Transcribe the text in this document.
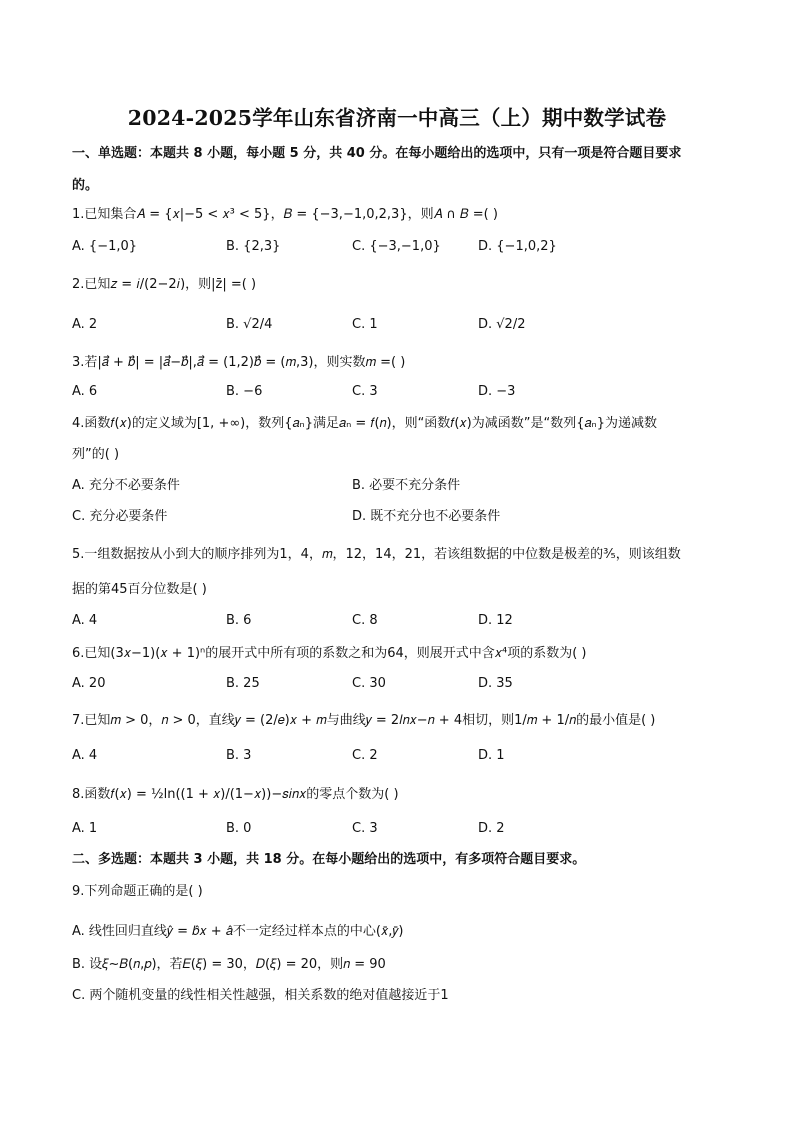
2024-2025学年山东省济南一中高三（上）期中数学试卷
一、单选题：本题共 8 小题，每小题 5 分，共 40 分。在每小题给出的选项中，只有一项是符合题目要求
的。
1.已知集合𝐴 = {𝑥|−5 < 𝑥³ < 5}，𝐵 = {−3,−1,0,2,3}，则𝐴 ∩ 𝐵 =( )
A. {−1,0}	B. {2,3}	C. {−3,−1,0}	D. {−1,0,2}
2.已知𝑧 = 𝑖/(2−2𝑖)，则|z̄| =( )
A. 2	B. √2/4	C. 1	D. √2/2
3.若|𝑎⃗ + 𝑏⃗| = |𝑎⃗−𝑏⃗|,𝑎⃗ = (1,2)𝑏⃗ = (𝑚,3)，则实数𝑚 =( )
A. 6	B. −6	C. 3	D. −3
4.函数𝑓(𝑥)的定义域为[1, +∞)，数列{𝑎ₙ}满足𝑎ₙ = 𝑓(𝑛)，则“函数𝑓(𝑥)为减函数”是“数列{𝑎ₙ}为递减数
列”的( )
A. 充分不必要条件	B. 必要不充分条件
C. 充分必要条件	D. 既不充分也不必要条件
5.一组数据按从小到大的顺序排列为1，4，𝑚，12，14，21，若该组数据的中位数是极差的³⁄₅，则该组数
据的第45百分位数是( )
A. 4	B. 6	C. 8	D. 12
6.已知(3𝑥−1)(𝑥 + 1)ⁿ的展开式中所有项的系数之和为64，则展开式中含𝑥⁴项的系数为( )
A. 20	B. 25	C. 30	D. 35
7.已知𝑚 > 0，𝑛 > 0，直线𝑦 = (2/𝑒)𝑥 + 𝑚与曲线𝑦 = 2𝑙𝑛𝑥−𝑛 + 4相切，则1/𝑚 + 1/𝑛的最小值是( )
A. 4	B. 3	C. 2	D. 1
8.函数𝑓(𝑥) = ½ln((1 + 𝑥)/(1−𝑥))−𝑠𝑖𝑛𝑥的零点个数为( )
A. 1	B. 0	C. 3	D. 2
二、多选题：本题共 3 小题，共 18 分。在每小题给出的选项中，有多项符合题目要求。
9.下列命题正确的是( )
A. 线性回归直线𝑦̂ = 𝑏̂𝑥 + 𝑎̂不一定经过样本点的中心(𝑥̄,𝑦̄)
B. 设𝜉~𝐵(𝑛,𝑝)，若𝐸(𝜉) = 30，𝐷(𝜉) = 20，则𝑛 = 90
C. 两个随机变量的线性相关性越强，相关系数的绝对值越接近于1
